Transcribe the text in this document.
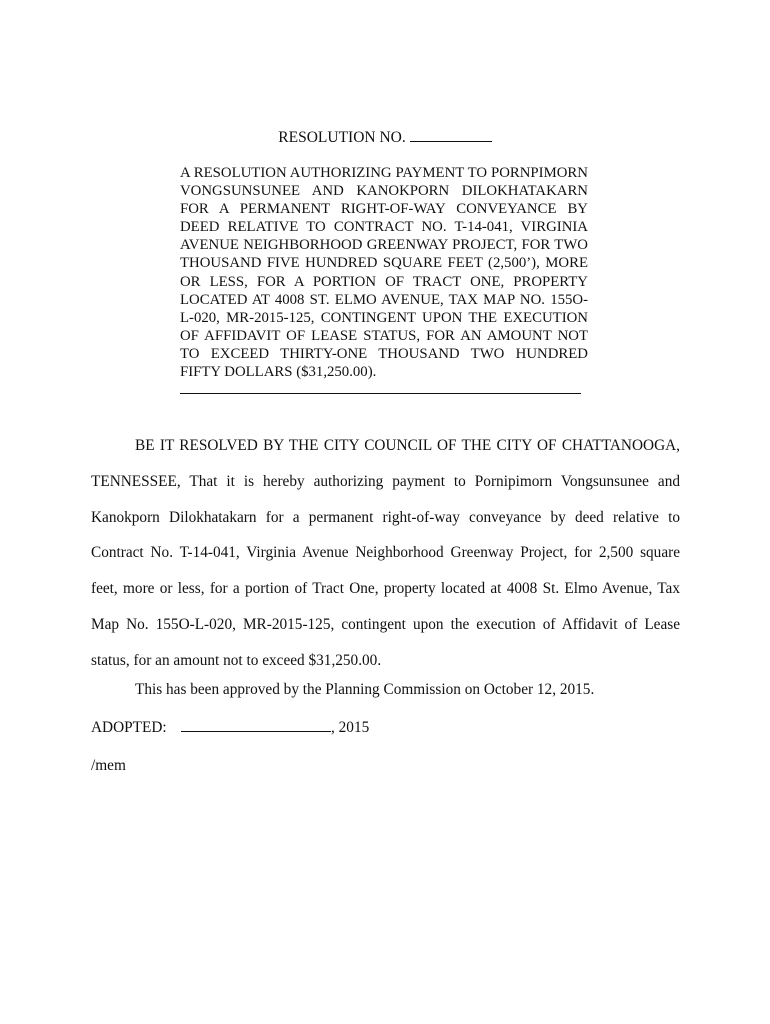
RESOLUTION NO.
A RESOLUTION AUTHORIZING PAYMENT TO PORNPIMORN VONGSUNSUNEE AND KANOKPORN DILOKHATAKARN FOR A PERMANENT RIGHT-OF-WAY CONVEYANCE BY DEED RELATIVE TO CONTRACT NO. T-14-041, VIRGINIA AVENUE NEIGHBORHOOD GREENWAY PROJECT, FOR TWO THOUSAND FIVE HUNDRED SQUARE FEET (2,500’), MORE OR LESS, FOR A PORTION OF TRACT ONE, PROPERTY LOCATED AT 4008 ST. ELMO AVENUE, TAX MAP NO. 155O-L-020, MR-2015-125, CONTINGENT UPON THE EXECUTION OF AFFIDAVIT OF LEASE STATUS, FOR AN AMOUNT NOT TO EXCEED THIRTY-ONE THOUSAND TWO HUNDRED FIFTY DOLLARS ($31,250.00).
BE IT RESOLVED BY THE CITY COUNCIL OF THE CITY OF CHATTANOOGA, TENNESSEE, That it is hereby authorizing payment to Pornipimorn Vongsunsunee and Kanokporn Dilokhatakarn for a permanent right-of-way conveyance by deed relative to Contract No. T-14-041, Virginia Avenue Neighborhood Greenway Project, for 2,500 square feet, more or less, for a portion of Tract One, property located at 4008 St. Elmo Avenue, Tax Map No. 155O-L-020, MR-2015-125, contingent upon the execution of Affidavit of Lease status, for an amount not to exceed $31,250.00.
This has been approved by the Planning Commission on October 12, 2015.
ADOPTED:	, 2015
/mem
